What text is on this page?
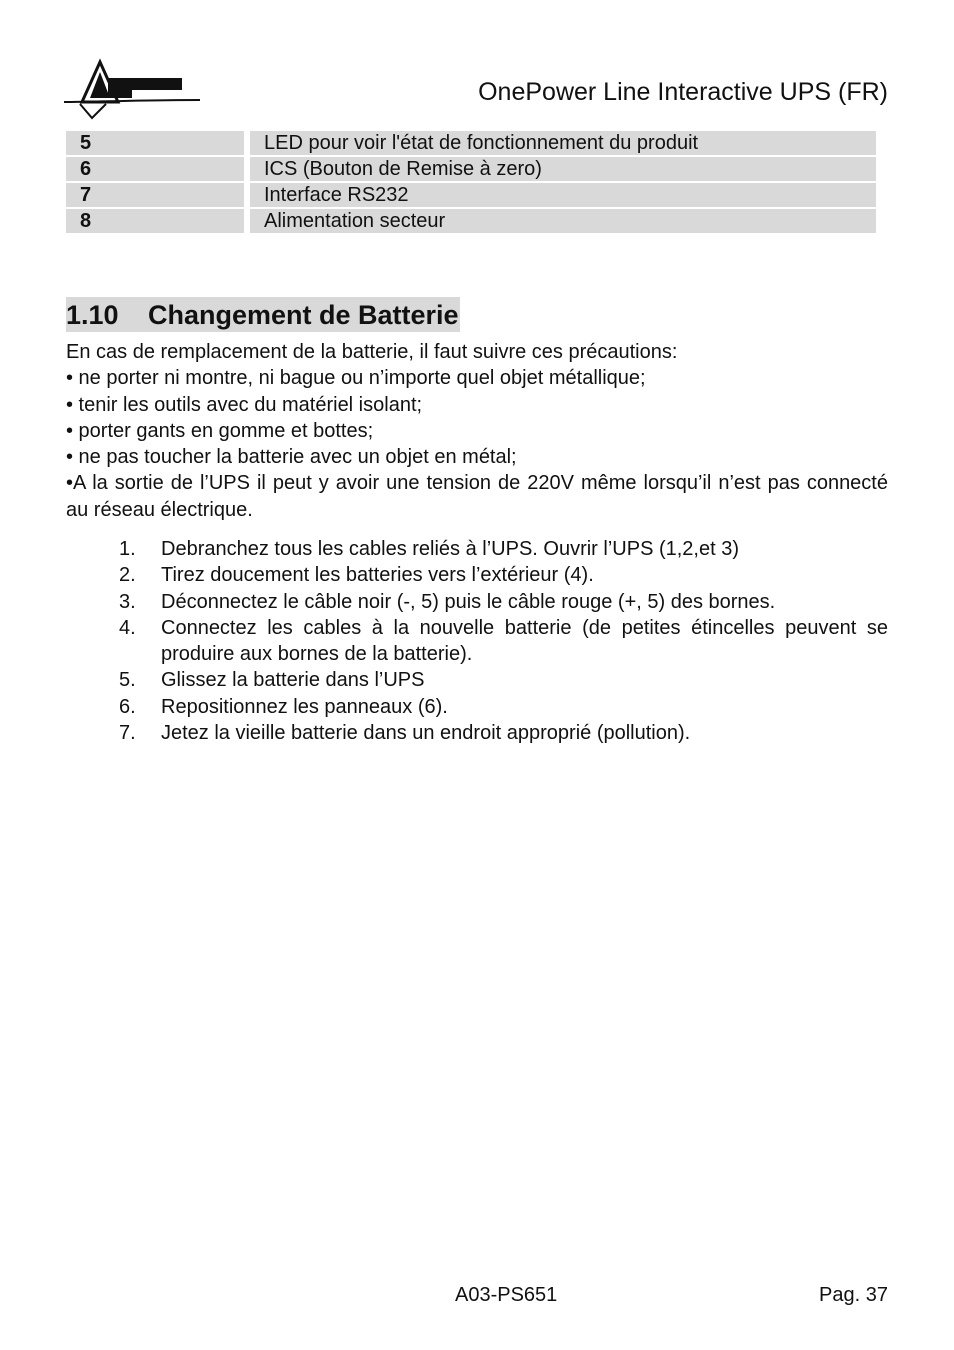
OnePower Line Interactive UPS (FR)
5	LED pour voir l'état de fonctionnement du produit
6	ICS (Bouton de Remise à zero)
7	Interface RS232
8	Alimentation secteur
1.10 Changement de Batterie

En cas de remplacement de la batterie, il faut suivre ces précautions:

• ne porter ni montre, ni bague ou n’importe quel objet métallique;

• tenir les outils avec du matériel isolant;

• porter gants en gomme et bottes;

• ne pas toucher la batterie avec un objet en métal;

•A la sortie de l’UPS il peut y avoir une tension de 220V même lorsqu’il n’est pas connecté au réseau électrique.

1. Debranchez tous les cables reliés à l’UPS. Ouvrir l’UPS (1,2,et 3)
2. Tirez doucement les batteries vers l’extérieur (4).
3. Déconnectez le câble noir (-, 5) puis le câble rouge (+, 5) des bornes.
4. Connectez les cables à la nouvelle batterie (de petites étincelles peuvent se produire aux bornes de la batterie).
5. Glissez la batterie dans l’UPS
6. Repositionnez les panneaux (6).
7. Jetez la vieille batterie dans un endroit approprié (pollution).
A03-PS651	Pag. 37
